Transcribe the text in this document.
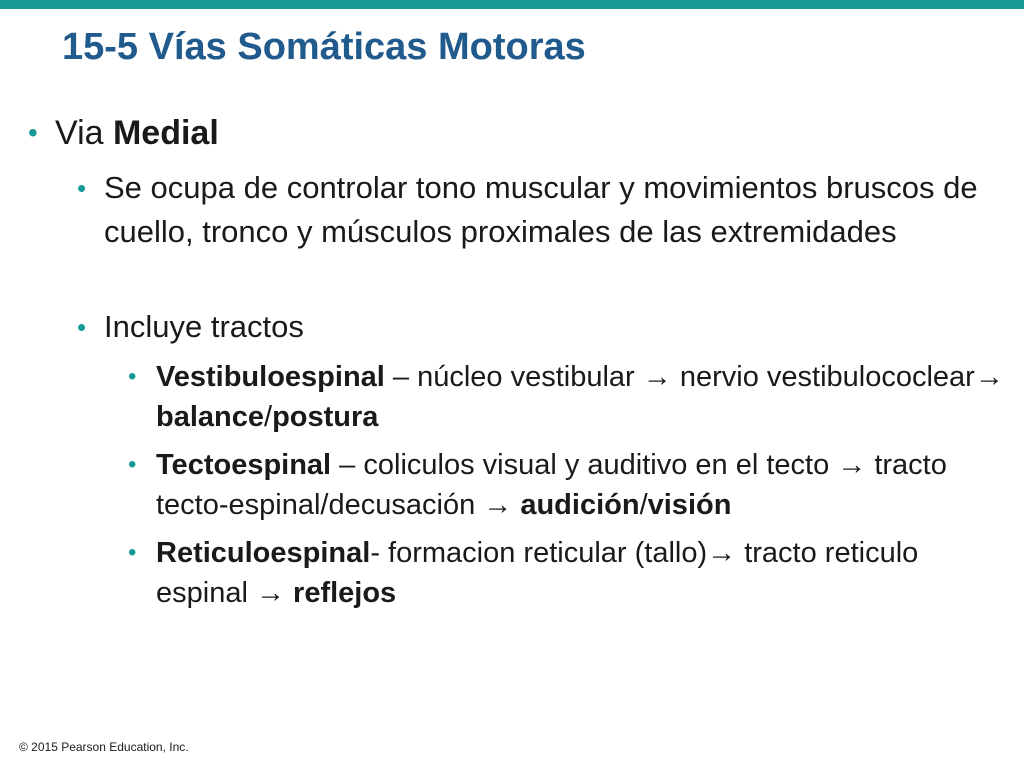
15-5 Vías Somáticas Motoras

• Via Medial

• Se ocupa de controlar tono muscular y movimientos bruscos de cuello, tronco y músculos proximales de las extremidades

• Incluye tractos

• Vestibuloespinal – núcleo vestibular → nervio vestibulococlear→ balance/postura

• Tectoespinal – coliculos visual y auditivo en el tecto → tracto tecto-espinal/decusación → audición/visión

• Reticuloespinal- formacion reticular (tallo)→ tracto reticulo espinal → reflejos

© 2015 Pearson Education, Inc.
